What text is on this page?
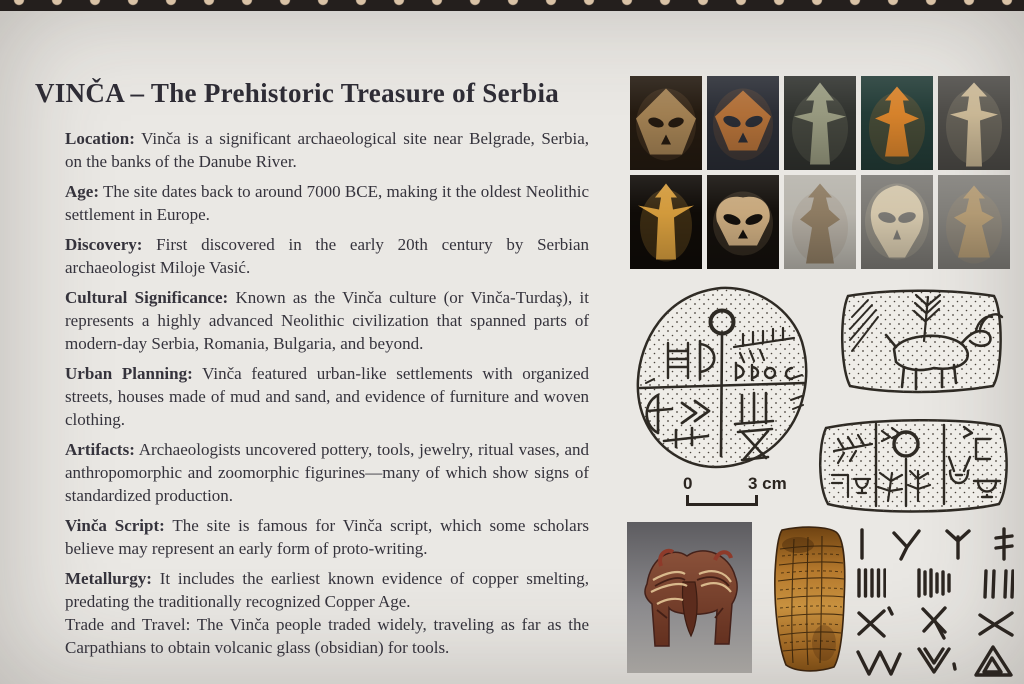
VINČA – The Prehistoric Treasure of Serbia

Location: Vinča is a significant archaeological site near Belgrade, Serbia, on the banks of the Danube River.

Age: The site dates back to around 7000 BCE, making it the oldest Neolithic settlement in Europe.

Discovery: First discovered in the early 20th century by Serbian archaeologist Miloje Vasić.

Cultural Significance: Known as the Vinča culture (or Vinča-Turdaş), it represents a highly advanced Neolithic civilization that spanned parts of modern-day Serbia, Romania, Bulgaria, and beyond.

Urban Planning: Vinča featured urban-like settlements with organized streets, houses made of mud and sand, and evidence of furniture and woven clothing.

Artifacts: Archaeologists uncovered pottery, tools, jewelry, ritual vases, and anthropomorphic and zoomorphic figurines—many of which show signs of standardized production.

Vinča Script: The site is famous for Vinča script, which some scholars believe may represent an early form of proto-writing.

Metallurgy: It includes the earliest known evidence of copper smelting, predating the traditionally recognized Copper Age.
Trade and Travel: The Vinča people traded widely, traveling as far as the Carpathians to obtain volcanic glass (obsidian) for tools.

0	3 cm
